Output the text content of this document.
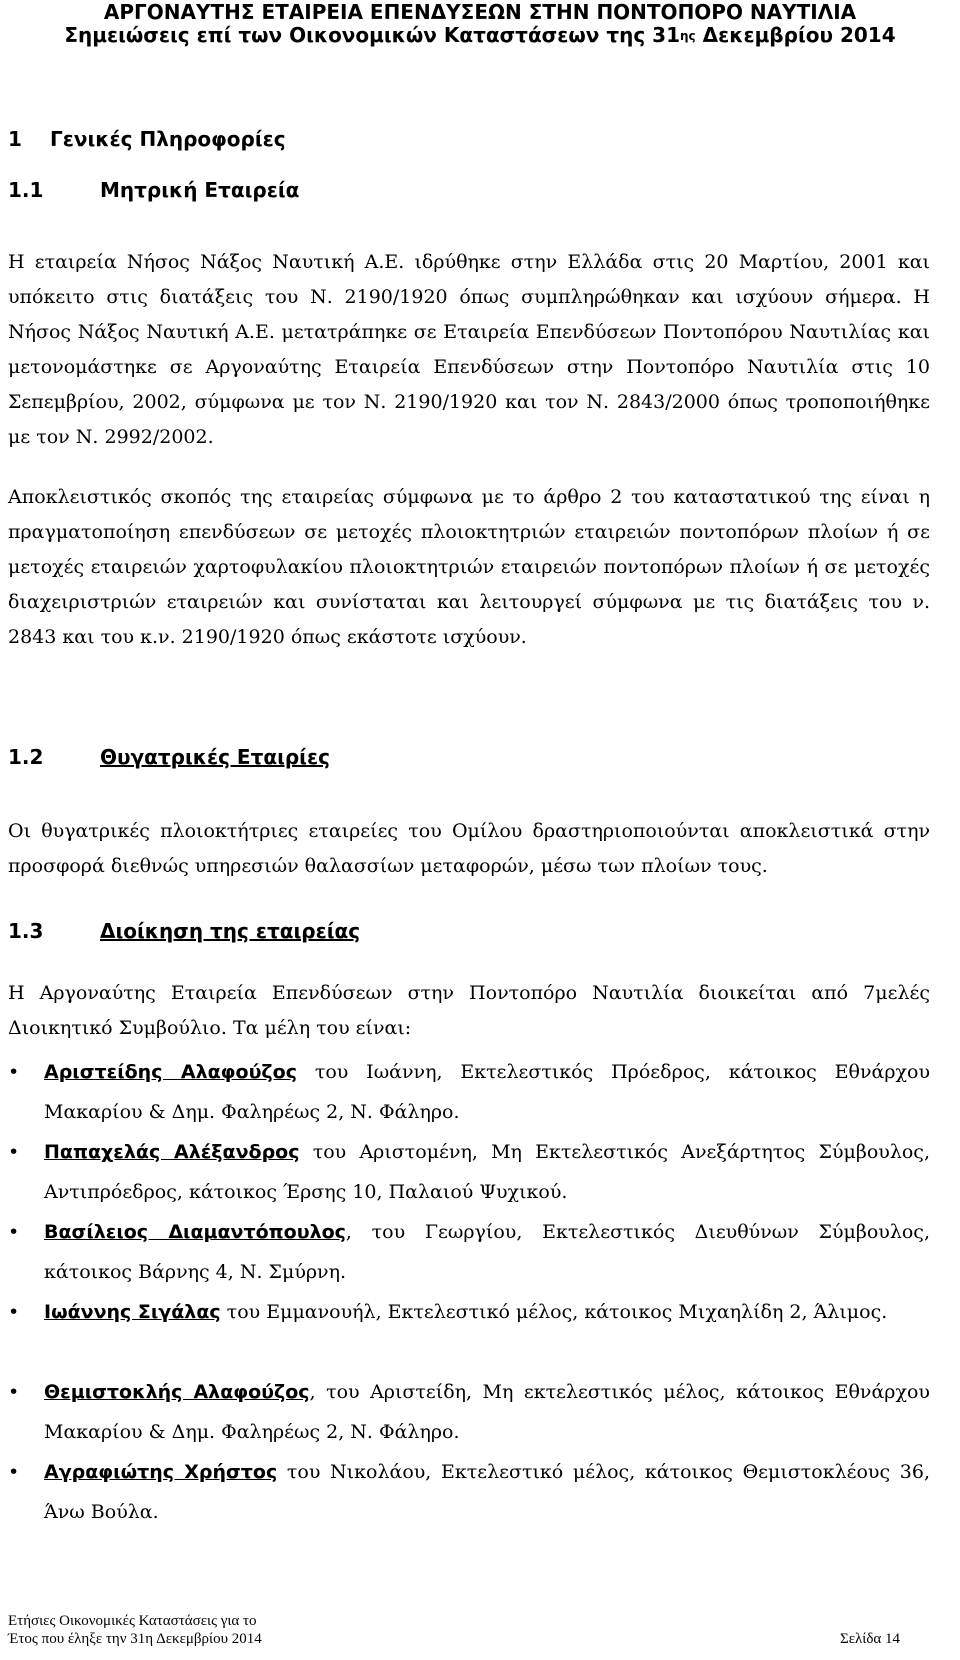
ΑΡΓΟΝΑΥΤΗΣ ΕΤΑΙΡΕΙΑ ΕΠΕΝΔΥΣΕΩΝ ΣΤΗΝ ΠΟΝΤΟΠΟΡΟ ΝΑΥΤΙΛΙΑ
Σημειώσεις επί των Οικονομικών Καταστάσεων της $31^{\eta\varsigma}$ Δεκεμβρίου 2014
1 Γενικές Πληροφορίες
1.1	Μητρική Εταιρεία
Η εταιρεία Νήσος Νάξος Ναυτική Α.Ε. ιδρύθηκε στην Ελλάδα στις 20 Μαρτίου, 2001 και υπόκειτο στις διατάξεις του Ν. 2190/1920 όπως συμπληρώθηκαν και ισχύουν σήμερα. Η Νήσος Νάξος Ναυτική Α.Ε. μετατράπηκε σε Εταιρεία Επενδύσεων Ποντοπόρου Ναυτιλίας και μετονομάστηκε σε Αργοναύτης Εταιρεία Επενδύσεων στην Ποντοπόρο Ναυτιλία στις 10 Σεπεμβρίου, 2002, σύμφωνα με τον Ν. 2190/1920 και τον Ν. 2843/2000 όπως τροποποιήθηκε με τον Ν. 2992/2002.
Αποκλειστικός σκοπός της εταιρείας σύμφωνα με το άρθρο 2 του καταστατικού της είναι η πραγματοποίηση επενδύσεων σε μετοχές πλοιοκτητριών εταιρειών ποντοπόρων πλοίων ή σε μετοχές εταιρειών χαρτοφυλακίου πλοιοκτητριών εταιρειών ποντοπόρων πλοίων ή σε μετοχές διαχειριστριών εταιρειών και συνίσταται και λειτουργεί σύμφωνα με τις διατάξεις του ν. 2843 και του κ.ν. 2190/1920 όπως εκάστοτε ισχύουν.
1.2	Θυγατρικές Εταιρίες
Οι θυγατρικές πλοιοκτήτριες εταιρείες του Ομίλου δραστηριοποιούνται αποκλειστικά στην προσφορά διεθνώς υπηρεσιών θαλασσίων μεταφορών, μέσω των πλοίων τους.
1.3	Διοίκηση της εταιρείας
Η Αργοναύτης Εταιρεία Επενδύσεων στην Ποντοπόρο Ναυτιλία διοικείται από 7μελές Διοικητικό Συμβούλιο. Τα μέλη του είναι:
•	Αριστείδης Αλαφούζος του Ιωάννη, Εκτελεστικός Πρόεδρος, κάτοικος Εθνάρχου Μακαρίου & Δημ. Φαληρέως 2, Ν. Φάληρο.
•	Παπαχελάς Αλέξανδρος του Αριστομένη, Μη Εκτελεστικός Ανεξάρτητος Σύμβουλος, Αντιπρόεδρος, κάτοικος Έρσης 10, Παλαιού Ψυχικού.
•	Βασίλειος Διαμαντόπουλος, του Γεωργίου, Εκτελεστικός Διευθύνων Σύμβουλος, κάτοικος Βάρνης 4, Ν. Σμύρνη.
•	Ιωάννης Σιγάλας του Εμμανουήλ, Εκτελεστικό μέλος, κάτοικος Μιχαηλίδη 2, Άλιμος.
•	Θεμιστοκλής Αλαφούζος, του Αριστείδη, Μη εκτελεστικός μέλος, κάτοικος Εθνάρχου Μακαρίου & Δημ. Φαληρέως 2, Ν. Φάληρο.
•	Αγραφιώτης Χρήστος του Νικολάου, Εκτελεστικό μέλος, κάτοικος Θεμιστοκλέους 36, Άνω Βούλα.
Ετήσιες Οικονομικές Καταστάσεις για το
Έτος που έληξε την 31η Δεκεμβρίου 2014	Σελίδα 14
